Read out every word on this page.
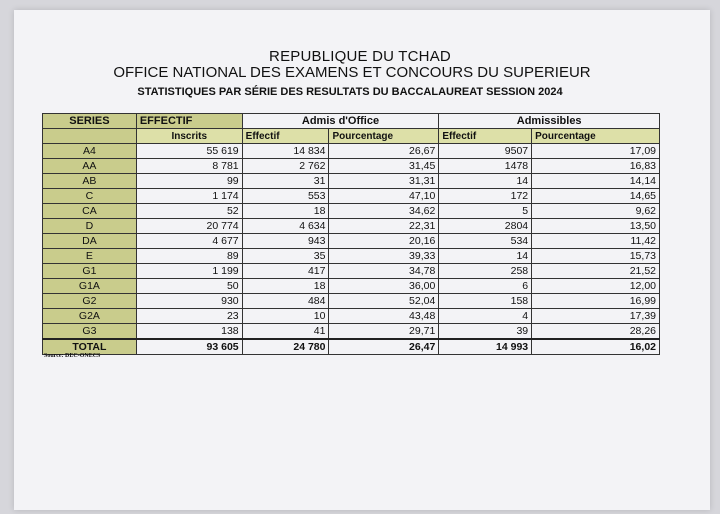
REPUBLIQUE DU TCHAD

OFFICE NATIONAL DES EXAMENS ET CONCOURS DU SUPERIEUR

STATISTIQUES PAR SÉRIE DES RESULTATS DU BACCALAUREAT SESSION 2024

SERIES	EFFECTIF	Admis d'Office		Admissibles	
	Inscrits	Effectif	Pourcentage	Effectif	Pourcentage
A4	55 619	14 834	26,67	9507	17,09
AA	8 781	2 762	31,45	1478	16,83
AB	99	31	31,31	14	14,14
C	1 174	553	47,10	172	14,65
CA	52	18	34,62	5	9,62
D	20 774	4 634	22,31	2804	13,50
DA	4 677	943	20,16	534	11,42
E	89	35	39,33	14	15,73
G1	1 199	417	34,78	258	21,52
G1A	50	18	36,00	6	12,00
G2	930	484	52,04	158	16,99
G2A	23	10	43,48	4	17,39
G3	138	41	29,71	39	28,26
TOTAL	93 605	24 780	26,47	14 993	16,02
Source: DEC-ONECS
